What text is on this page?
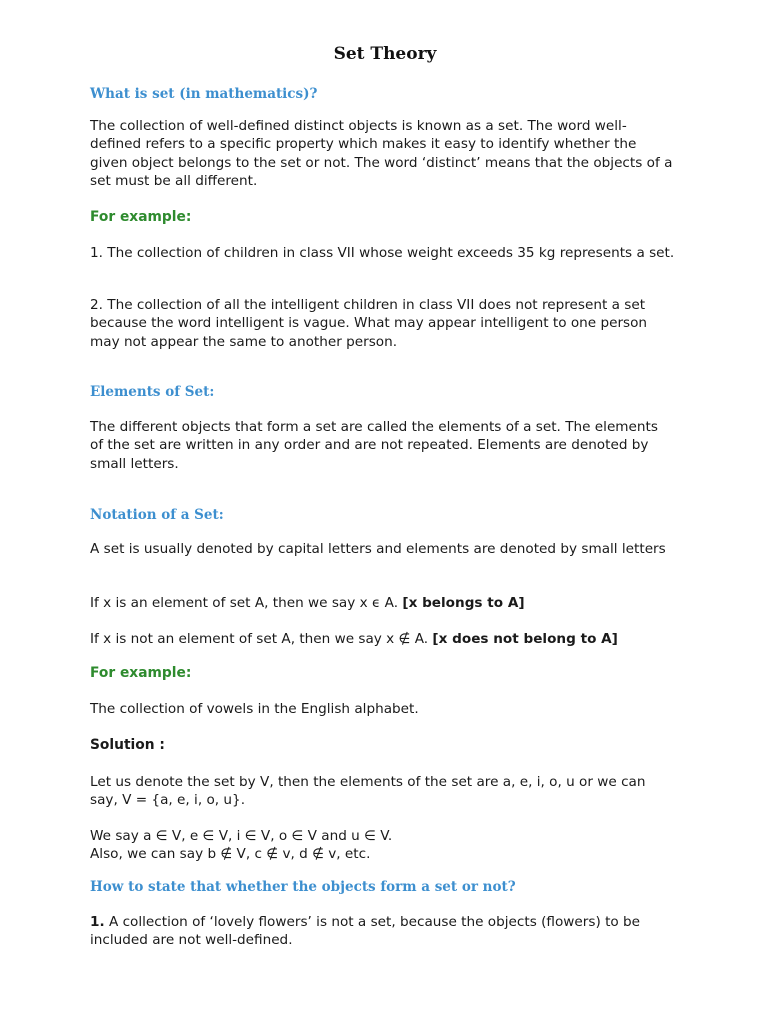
Set Theory
What is set (in mathematics)?

The collection of well-defined distinct objects is known as a set. The word well-defined refers to a specific property which makes it easy to identify whether the given object belongs to the set or not. The word ‘distinct’ means that the objects of a set must be all different.

For example:

1. The collection of children in class VII whose weight exceeds 35 kg represents a set.

2. The collection of all the intelligent children in class VII does not represent a set because the word intelligent is vague. What may appear intelligent to one person may not appear the same to another person.

Elements of Set:

The different objects that form a set are called the elements of a set. The elements of the set are written in any order and are not repeated. Elements are denoted by small letters.

Notation of a Set:

A set is usually denoted by capital letters and elements are denoted by small letters

If x is an element of set A, then we say x ϵ A. [x belongs to A]

If x is not an element of set A, then we say x ∉ A. [x does not belong to A]

For example:

The collection of vowels in the English alphabet.

Solution :

Let us denote the set by V, then the elements of the set are a, e, i, o, u or we can say, V = {a, e, i, o, u}.

We say a ∈ V, e ∈ V, i ∈ V, o ∈ V and u ∈ V.
Also, we can say b ∉ V, c ∉ v, d ∉ v, etc.

How to state that whether the objects form a set or not?

1. A collection of ‘lovely flowers’ is not a set, because the objects (flowers) to be included are not well-defined.
